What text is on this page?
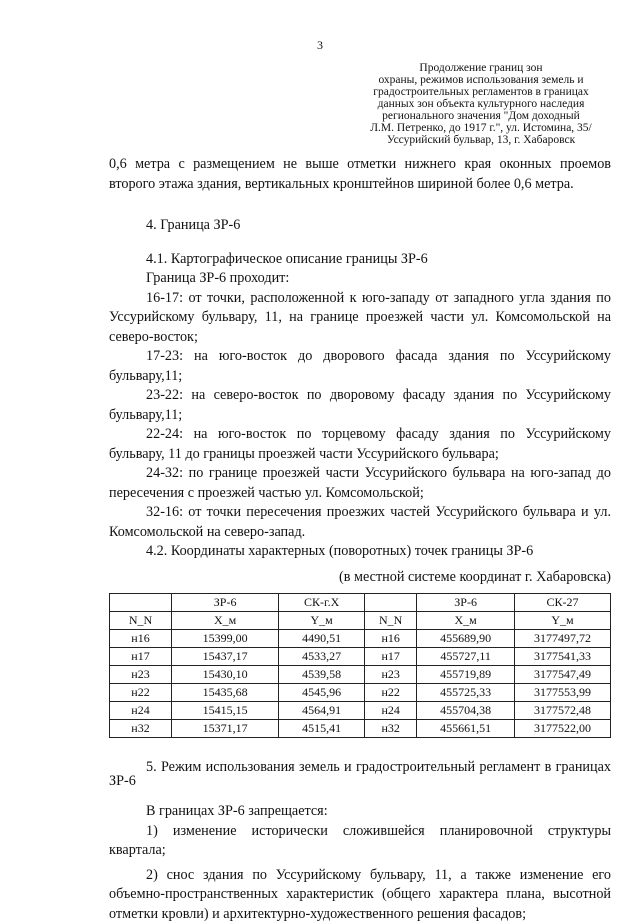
3
Продолжение границ зон
охраны, режимов использования земель и
градостроительных регламентов в границах
данных зон объекта культурного наследия
регионального значения "Дом доходный
Л.М. Петренко, до 1917 г.", ул. Истомина, 35/
Уссурийский бульвар, 13, г. Хабаровск

0,6 метра с размещением не выше отметки нижнего края оконных проемов второго этажа здания, вертикальных кронштейнов шириной более 0,6 метра.

4. Граница ЗР-6

4.1. Картографическое описание границы ЗР-6

Граница ЗР-6 проходит:

16-17: от точки, расположенной к юго-западу от западного угла здания по Уссурийскому бульвару, 11, на границе проезжей части ул. Комсомольской на северо-восток;

17-23: на юго-восток до дворового фасада здания по Уссурийскому бульвару,11;

23-22: на северо-восток по дворовому фасаду здания по Уссурийскому бульвару,11;

22-24: на юго-восток по торцевому фасаду здания по Уссурийскому бульвару, 11 до границы проезжей части Уссурийского бульвара;

24-32: по границе проезжей части Уссурийского бульвара на юго-запад до пересечения с проезжей частью ул. Комсомольской;

32-16: от точки пересечения проезжих частей Уссурийского бульвара и ул. Комсомольской на северо-запад.

4.2. Координаты характерных (поворотных) точек границы ЗР-6

(в местной системе координат г. Хабаровска)

	ЗР-6	СК-г.Х		ЗР-6	СК-27
N_N	X_м	Y_м	N_N	X_м	Y_м
н16	15399,00	4490,51	н16	455689,90	3177497,72
н17	15437,17	4533,27	н17	455727,11	3177541,33
н23	15430,10	4539,58	н23	455719,89	3177547,49
н22	15435,68	4545,96	н22	455725,33	3177553,99
н24	15415,15	4564,91	н24	455704,38	3177572,48
н32	15371,17	4515,41	н32	455661,51	3177522,00

5. Режим использования земель и градостроительный регламент в границах ЗР-6

В границах ЗР-6 запрещается:

1) изменение исторически сложившейся планировочной структуры квартала;

2) снос здания по Уссурийскому бульвару, 11, а также изменение его объемно-пространственных характеристик (общего характера плана, высотной отметки кровли) и архитектурно-художественного решения фасадов;
